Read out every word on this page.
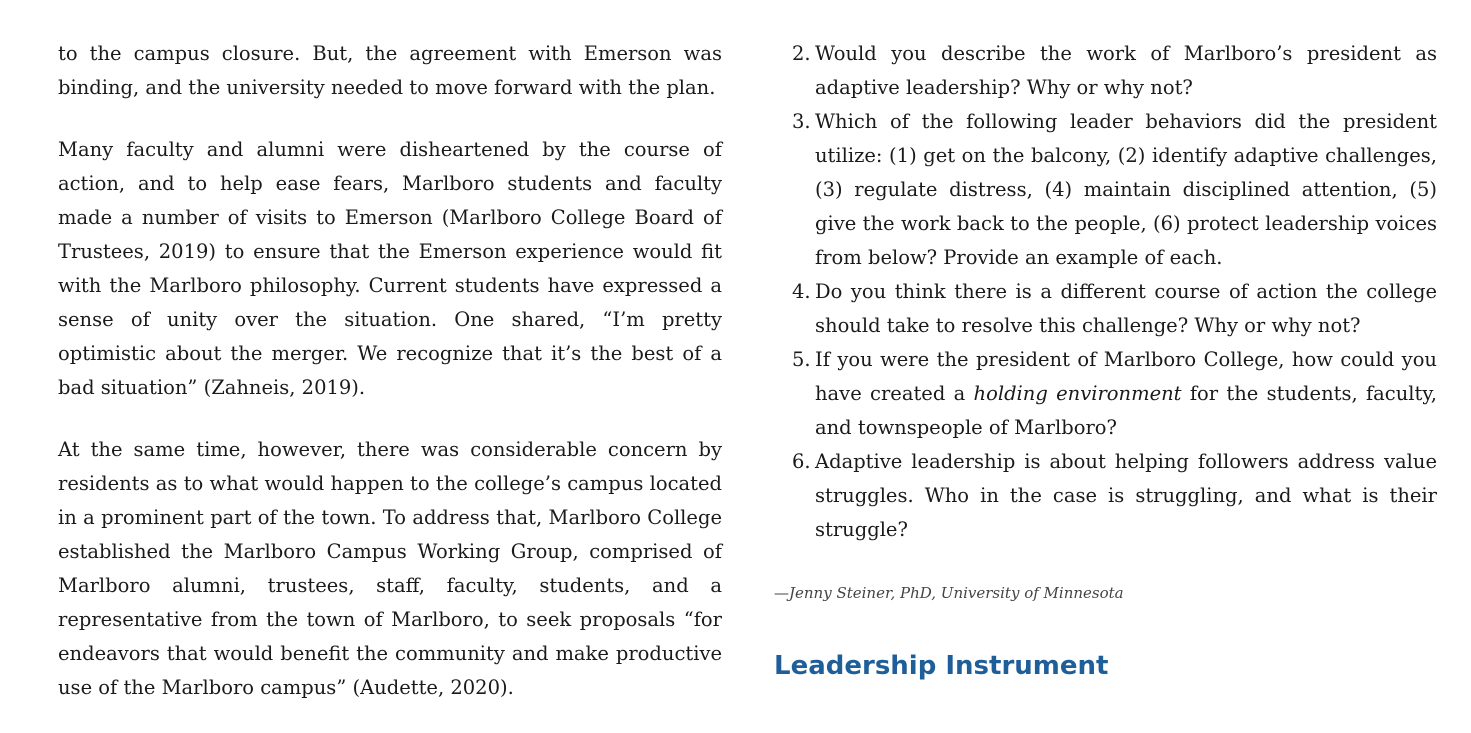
to the campus closure. But, the agreement with Emerson was binding, and the university needed to move forward with the plan.

Many faculty and alumni were disheartened by the course of action, and to help ease fears, Marlboro students and faculty made a number of visits to Emerson (Marlboro College Board of Trustees, 2019) to ensure that the Emerson experience would fit with the Marlboro philosophy. Current students have expressed a sense of unity over the situation. One shared, “I’m pretty optimistic about the merger. We recognize that it’s the best of a bad situation” (Zahneis, 2019).

At the same time, however, there was considerable concern by residents as to what would happen to the college’s campus located in a prominent part of the town. To address that, Marlboro College established the Marlboro Campus Working Group, comprised of Marlboro alumni, trustees, staff, faculty, students, and a representative from the town of Marlboro, to seek proposals “for endeavors that would benefit the community and make productive use of the Marlboro campus” (Audette, 2020).

2. Would you describe the work of Marlboro’s president as adaptive leadership? Why or why not?
3. Which of the following leader behaviors did the president utilize: (1) get on the balcony, (2) identify adaptive challenges, (3) regulate distress, (4) maintain disciplined attention, (5) give the work back to the people, (6) protect leadership voices from below? Provide an example of each.
4. Do you think there is a different course of action the college should take to resolve this challenge? Why or why not?
5. If you were the president of Marlboro College, how could you have created a holding environment for the students, faculty, and townspeople of Marlboro?
6. Adaptive leadership is about helping followers address value struggles. Who in the case is struggling, and what is their struggle?
—Jenny Steiner, PhD, University of Minnesota
Leadership Instrument
